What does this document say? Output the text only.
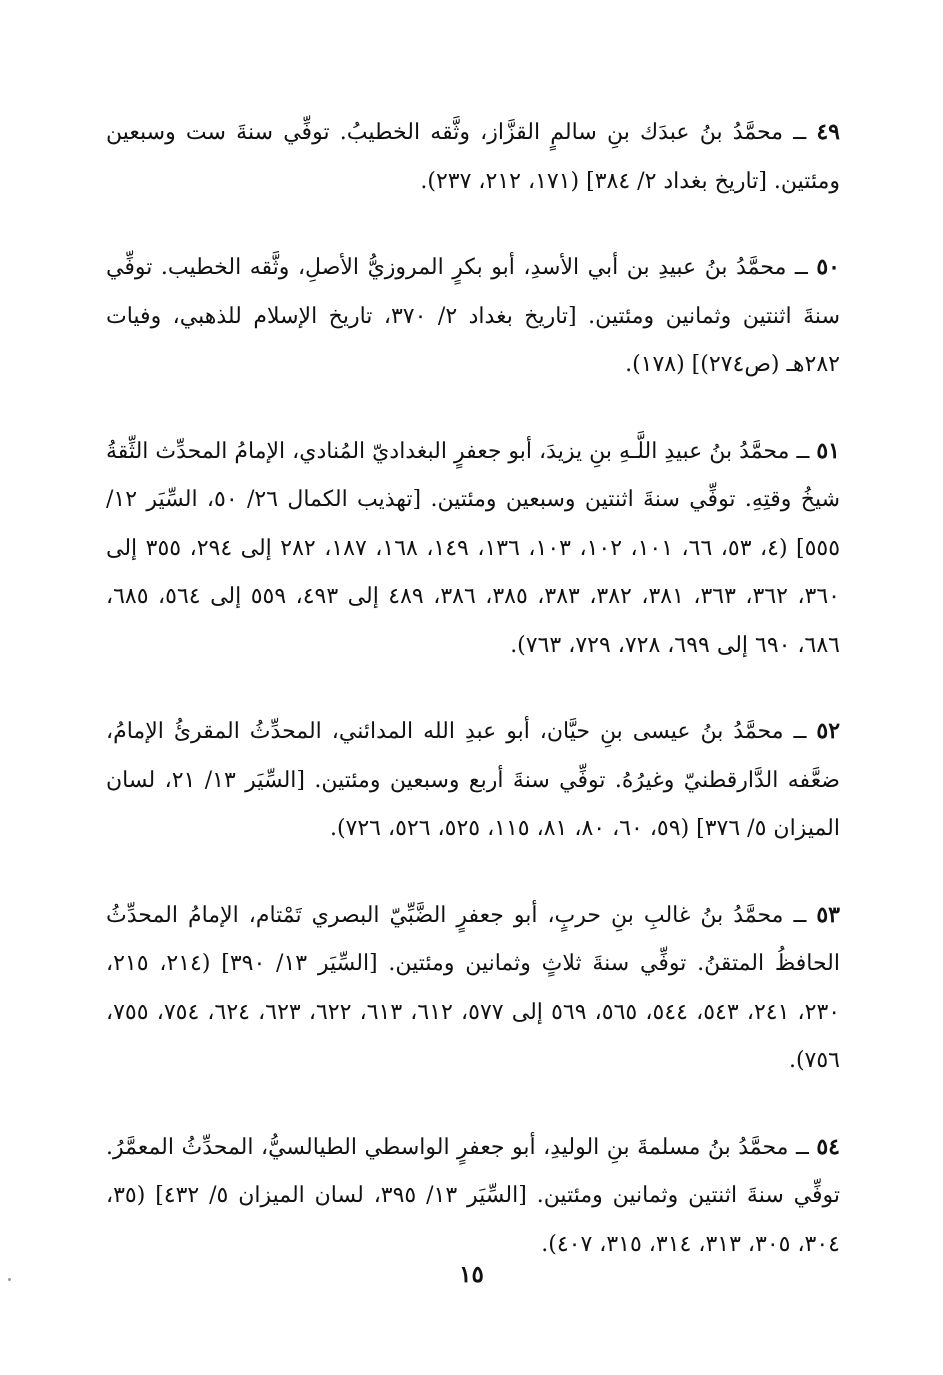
٤٩ ــ محمَّدُ بنُ عبدَك بنِ سالمٍ القزَّاز، وثَّقه الخطيبُ. توفِّي سنةَ ست وسبعين ومئتين. [تاريخ بغداد ٢/ ٣٨٤] (١٧١، ٢١٢، ٢٣٧).

٥٠ ــ محمَّدُ بنُ عبيدِ بن أبي الأسدِ، أبو بكرٍ المروزيُّ الأصلِ، وثَّقه الخطيب. توفِّي سنةَ اثنتين وثمانين ومئتين. [تاريخ بغداد ٢/ ٣٧٠، تاريخ الإسلام للذهبي، وفيات ٢٨٢هـ (ص٢٧٤)] (١٧٨).

٥١ ــ محمَّدُ بنُ عبيدِ اللَّـهِ بنِ يزيدَ، أبو جعفرٍ البغداديّ المُنادي، الإمامُ المحدِّث الثِّقةُ شيخُ وقتِهِ. توفِّي سنةَ اثنتين وسبعين ومئتين. [تهذيب الكمال ٢٦/ ٥٠، السِّيَر ١٢/ ٥٥٥] (٤، ٥٣، ٦٦، ١٠١، ١٠٢، ١٠٣، ١٣٦، ١٤٩، ١٦٨، ١٨٧، ٢٨٢ إلى ٢٩٤، ٣٥٥ إلى ٣٦٠، ٣٦٢، ٣٦٣، ٣٨١، ٣٨٢، ٣٨٣، ٣٨٥، ٣٨٦، ٤٨٩ إلى ٤٩٣، ٥٥٩ إلى ٥٦٤، ٦٨٥، ٦٨٦، ٦٩٠ إلى ٦٩٩، ٧٢٨، ٧٢٩، ٧٦٣).

٥٢ ــ محمَّدُ بنُ عيسى بنِ حيَّان، أبو عبدِ الله المدائني، المحدِّثُ المقرئُ الإمامُ، ضعَّفه الدَّارقطنيّ وغيرُهُ. توفِّي سنةَ أربع وسبعين ومئتين. [السِّيَر ١٣/ ٢١، لسان الميزان ٥/ ٣٧٦] (٥٩، ٦٠، ٨٠، ٨١، ١١٥، ٥٢٥، ٥٢٦، ٧٢٦).

٥٣ ــ محمَّدُ بنُ غالبِ بنِ حربٍ، أبو جعفرٍ الضَّبِّيّ البصري تَمْتام، الإمامُ المحدِّثُ الحافظُ المتقنُ. توفِّي سنةَ ثلاثٍ وثمانين ومئتين. [السِّيَر ١٣/ ٣٩٠] (٢١٤، ٢١٥، ٢٣٠، ٢٤١، ٥٤٣، ٥٤٤، ٥٦٥، ٥٦٩ إلى ٥٧٧، ٦١٢، ٦١٣، ٦٢٢، ٦٢٣، ٦٢٤، ٧٥٤، ٧٥٥، ٧٥٦).

٥٤ ــ محمَّدُ بنُ مسلمةَ بنِ الوليدِ، أبو جعفرٍ الواسطي الطيالسيُّ، المحدِّثُ المعمَّرُ. توفِّي سنةَ اثنتين وثمانين ومئتين. [السِّيَر ١٣/ ٣٩٥، لسان الميزان ٥/ ٤٣٢] (٣٥، ٣٠٤، ٣٠٥، ٣١٣، ٣١٤، ٣١٥، ٤٠٧).

١٥
